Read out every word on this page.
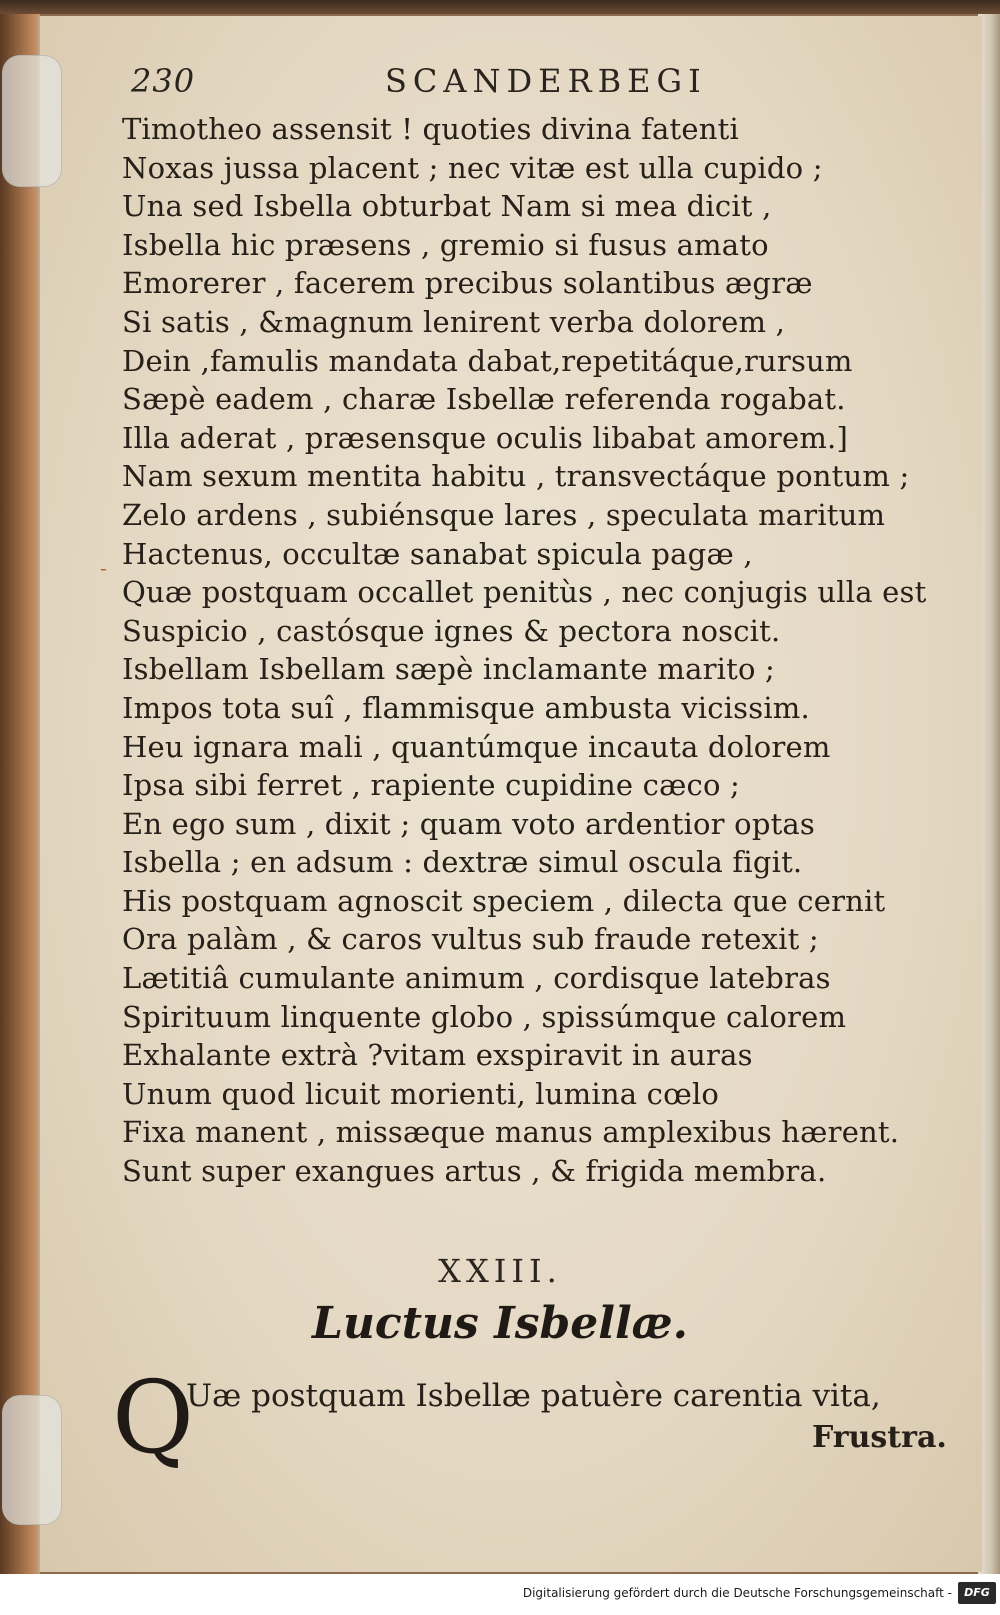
230	SCANDERBEGI
‐
Timotheo assensit ! quoties divina fatenti
Noxas jussa placent ; nec vitæ est ulla cupido ;
Una sed Isbella obturbat Nam si mea dicit ,
Isbella hic præsens , gremio si fusus amato
Emorerer , facerem precibus solantibus ægræ
Si satis , &magnum lenirent verba dolorem ,
Dein ,famulis mandata dabat,repetitáque,rursum
Sæpè eadem , charæ Isbellæ referenda rogabat.
Illa aderat , præsensque oculis libabat amorem.]
Nam sexum mentita habitu , transvectáque pontum ;
Zelo ardens , subiénsque lares , speculata maritum
Hactenus, occultæ sanabat spicula pagæ ,
Quæ postquam occallet penitùs , nec conjugis ulla est
Suspicio , castósque ignes & pectora noscit.
Isbellam Isbellam sæpè inclamante marito ;
Impos tota suî , flammisque ambusta vicissim.
Heu ignara mali , quantúmque incauta dolorem
Ipsa sibi ferret , rapiente cupidine cæco ;
En ego sum , dixit ; quam voto ardentior optas
Isbella ; en adsum : dextræ simul oscula figit.
His postquam agnoscit speciem , dilecta que cernit
Ora palàm , & caros vultus sub fraude retexit ;
Lætitiâ cumulante animum , cordisque latebras
Spirituum linquente globo , spissúmque calorem
Exhalante extrà ?vitam exspiravit in auras
Unum quod licuit morienti, lumina cœlo
Fixa manent , missæque manus amplexibus hærent.
Sunt super exangues artus , & frigida membra.
XXIII.
Luctus Isbellæ.
Q
Uæ postquam Isbellæ patuère carentia vita,
Frustra.
Digitalisierung gefördert durch die Deutsche Forschungsgemeinschaft -	DFG
